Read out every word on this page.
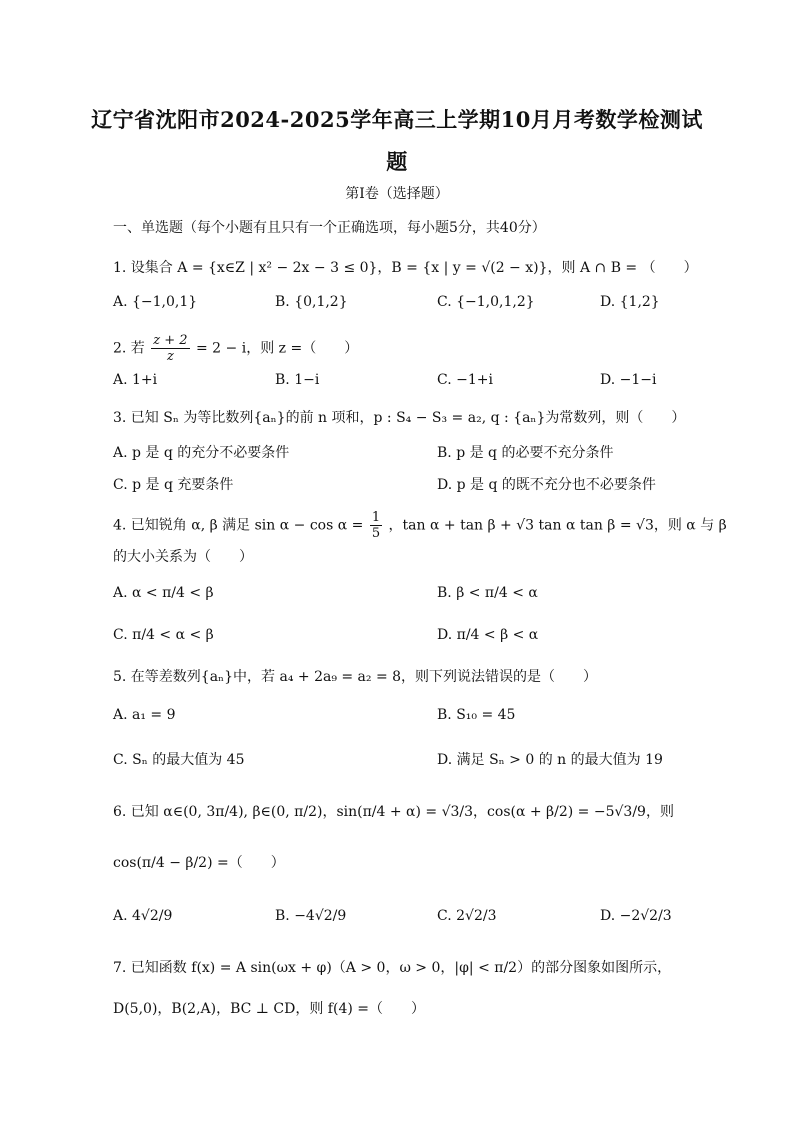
辽宁省沈阳市2024-2025学年高三上学期10月月考数学检测试
题
第Ⅰ卷（选择题）
一、单选题（每个小题有且只有一个正确选项，每小题5分，共40分）
1. 设集合 A = {x∈Z | x² − 2x − 3 ≤ 0}，B = {x | y = √(2 − x)}，则 A ∩ B = （　　）
A. {−1,0,1}	B. {0,1,2}	C. {−1,0,1,2}	D. {1,2}
2. 若 $\frac{z + 2}{z} = 2 - i$，则 z =（　　）
A. 1+i	B. 1−i	C. −1+i	D. −1−i
3. 已知 Sₙ 为等比数列{aₙ}的前 n 项和，p : S₄ − S₃ = a₂, q : {aₙ}为常数列，则（　　）
A. p 是 q 的充分不必要条件	B. p 是 q 的必要不充分条件
C. p 是 q 充要条件	D. p 是 q 的既不充分也不必要条件
4. 已知锐角 α, β 满足 $\sin \alpha - \cos \alpha = \frac{1}{5}$ ，tan α + tan β + √3 tan α tan β = √3，则 α 与 β
的大小关系为（　　）
A. α < π/4 < β	B. β < π/4 < α
C. π/4 < α < β	D. π/4 < β < α
5. 在等差数列{aₙ}中，若 a₄ + 2a₉ = a₂ = 8，则下列说法错误的是（　　）
A. a₁ = 9	B. S₁₀ = 45
C. Sₙ 的最大值为 45	D. 满足 Sₙ > 0 的 n 的最大值为 19
6. 已知 α∈(0, 3π/4), β∈(0, π/2)，sin(π/4 + α) = √3/3，cos(α + β/2) = −5√3/9，则
cos(π/4 − β/2) =（　　）
A. 4√2/9	B. −4√2/9	C. 2√2/3	D. −2√2/3
7. 已知函数 f(x) = A sin(ωx + φ)（A > 0，ω > 0，|φ| < π/2）的部分图象如图所示，
D(5,0)，B(2,A)，BC ⊥ CD，则 f(4) =（　　）
